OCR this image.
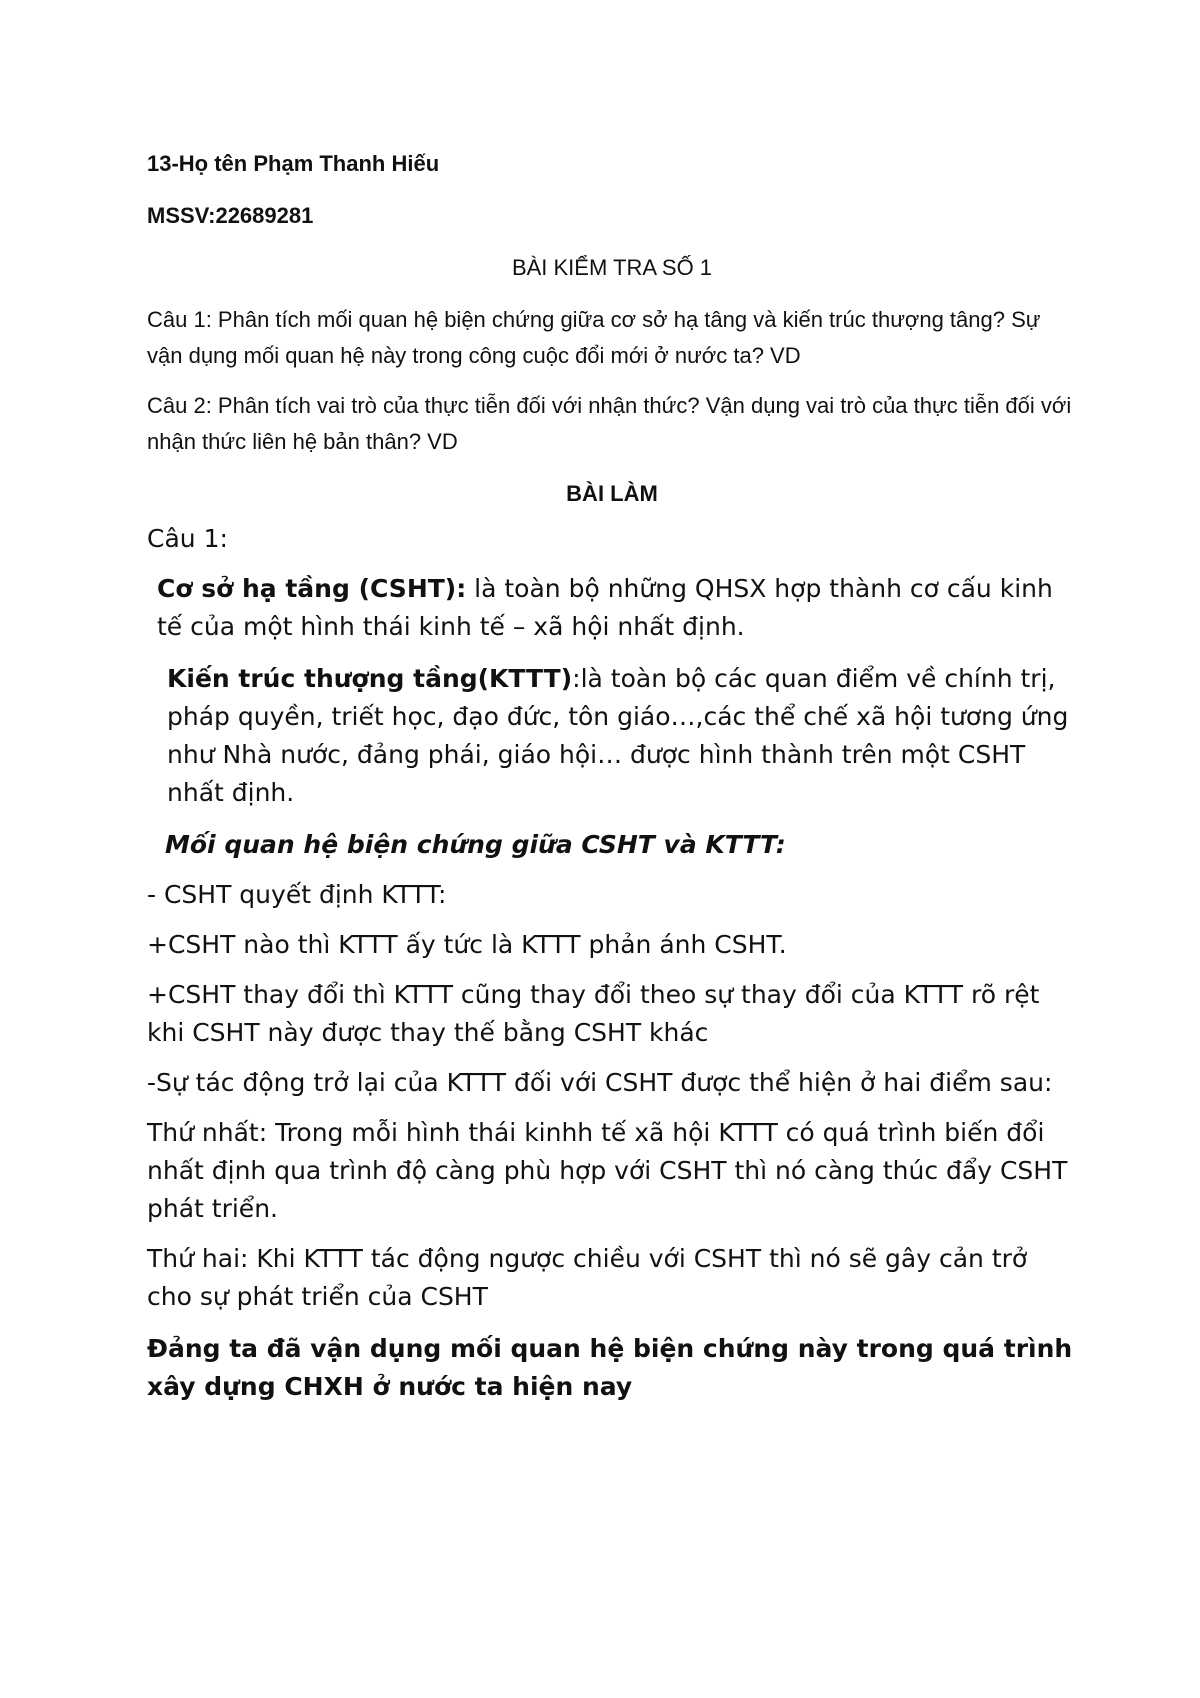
13-Họ tên Phạm Thanh Hiếu

MSSV:22689281

BÀI KIỂM TRA SỐ 1

Câu 1: Phân tích mối quan hệ biện chứng giữa cơ sở hạ tâng và kiến trúc thượng tâng? Sự vận dụng mối quan hệ này trong công cuộc đổi mới ở nước ta? VD

Câu 2: Phân tích vai trò của thực tiễn đối với nhận thức? Vận dụng vai trò của thực tiễn đối với nhận thức liên hệ bản thân? VD

BÀI LÀM

Câu 1:

Cơ sở hạ tầng (CSHT): là toàn bộ những QHSX hợp thành cơ cấu kinh tế của một hình thái kinh tế – xã hội nhất định.

Kiến trúc thượng tầng(KTTT):là toàn bộ các quan điểm về chính trị, pháp quyền, triết học, đạo đức, tôn giáo…,các thể chế xã hội tương ứng như Nhà nước, đảng phái, giáo hội… được hình thành trên một CSHT nhất định.

Mối quan hệ biện chứng giữa CSHT và KTTT:

- CSHT quyết định KTTT:

+CSHT nào thì KTTT ấy tức là KTTT phản ánh CSHT.

+CSHT thay đổi thì KTTT cũng thay đổi theo sự thay đổi của KTTT rõ rệt khi CSHT này được thay thế bằng CSHT khác

-Sự tác động trở lại của KTTT đối với CSHT được thể hiện ở hai điểm sau:

Thứ nhất: Trong mỗi hình thái kinhh tế xã hội KTTT có quá trình biến đổi nhất định qua trình độ càng phù hợp với CSHT thì nó càng thúc đẩy CSHT phát triển.

Thứ hai: Khi KTTT tác động ngược chiều với CSHT thì nó sẽ gây cản trở cho sự phát triển của CSHT

Đảng ta đã vận dụng mối quan hệ biện chứng này trong quá trình xây dựng CHXH ở nước ta hiện nay
